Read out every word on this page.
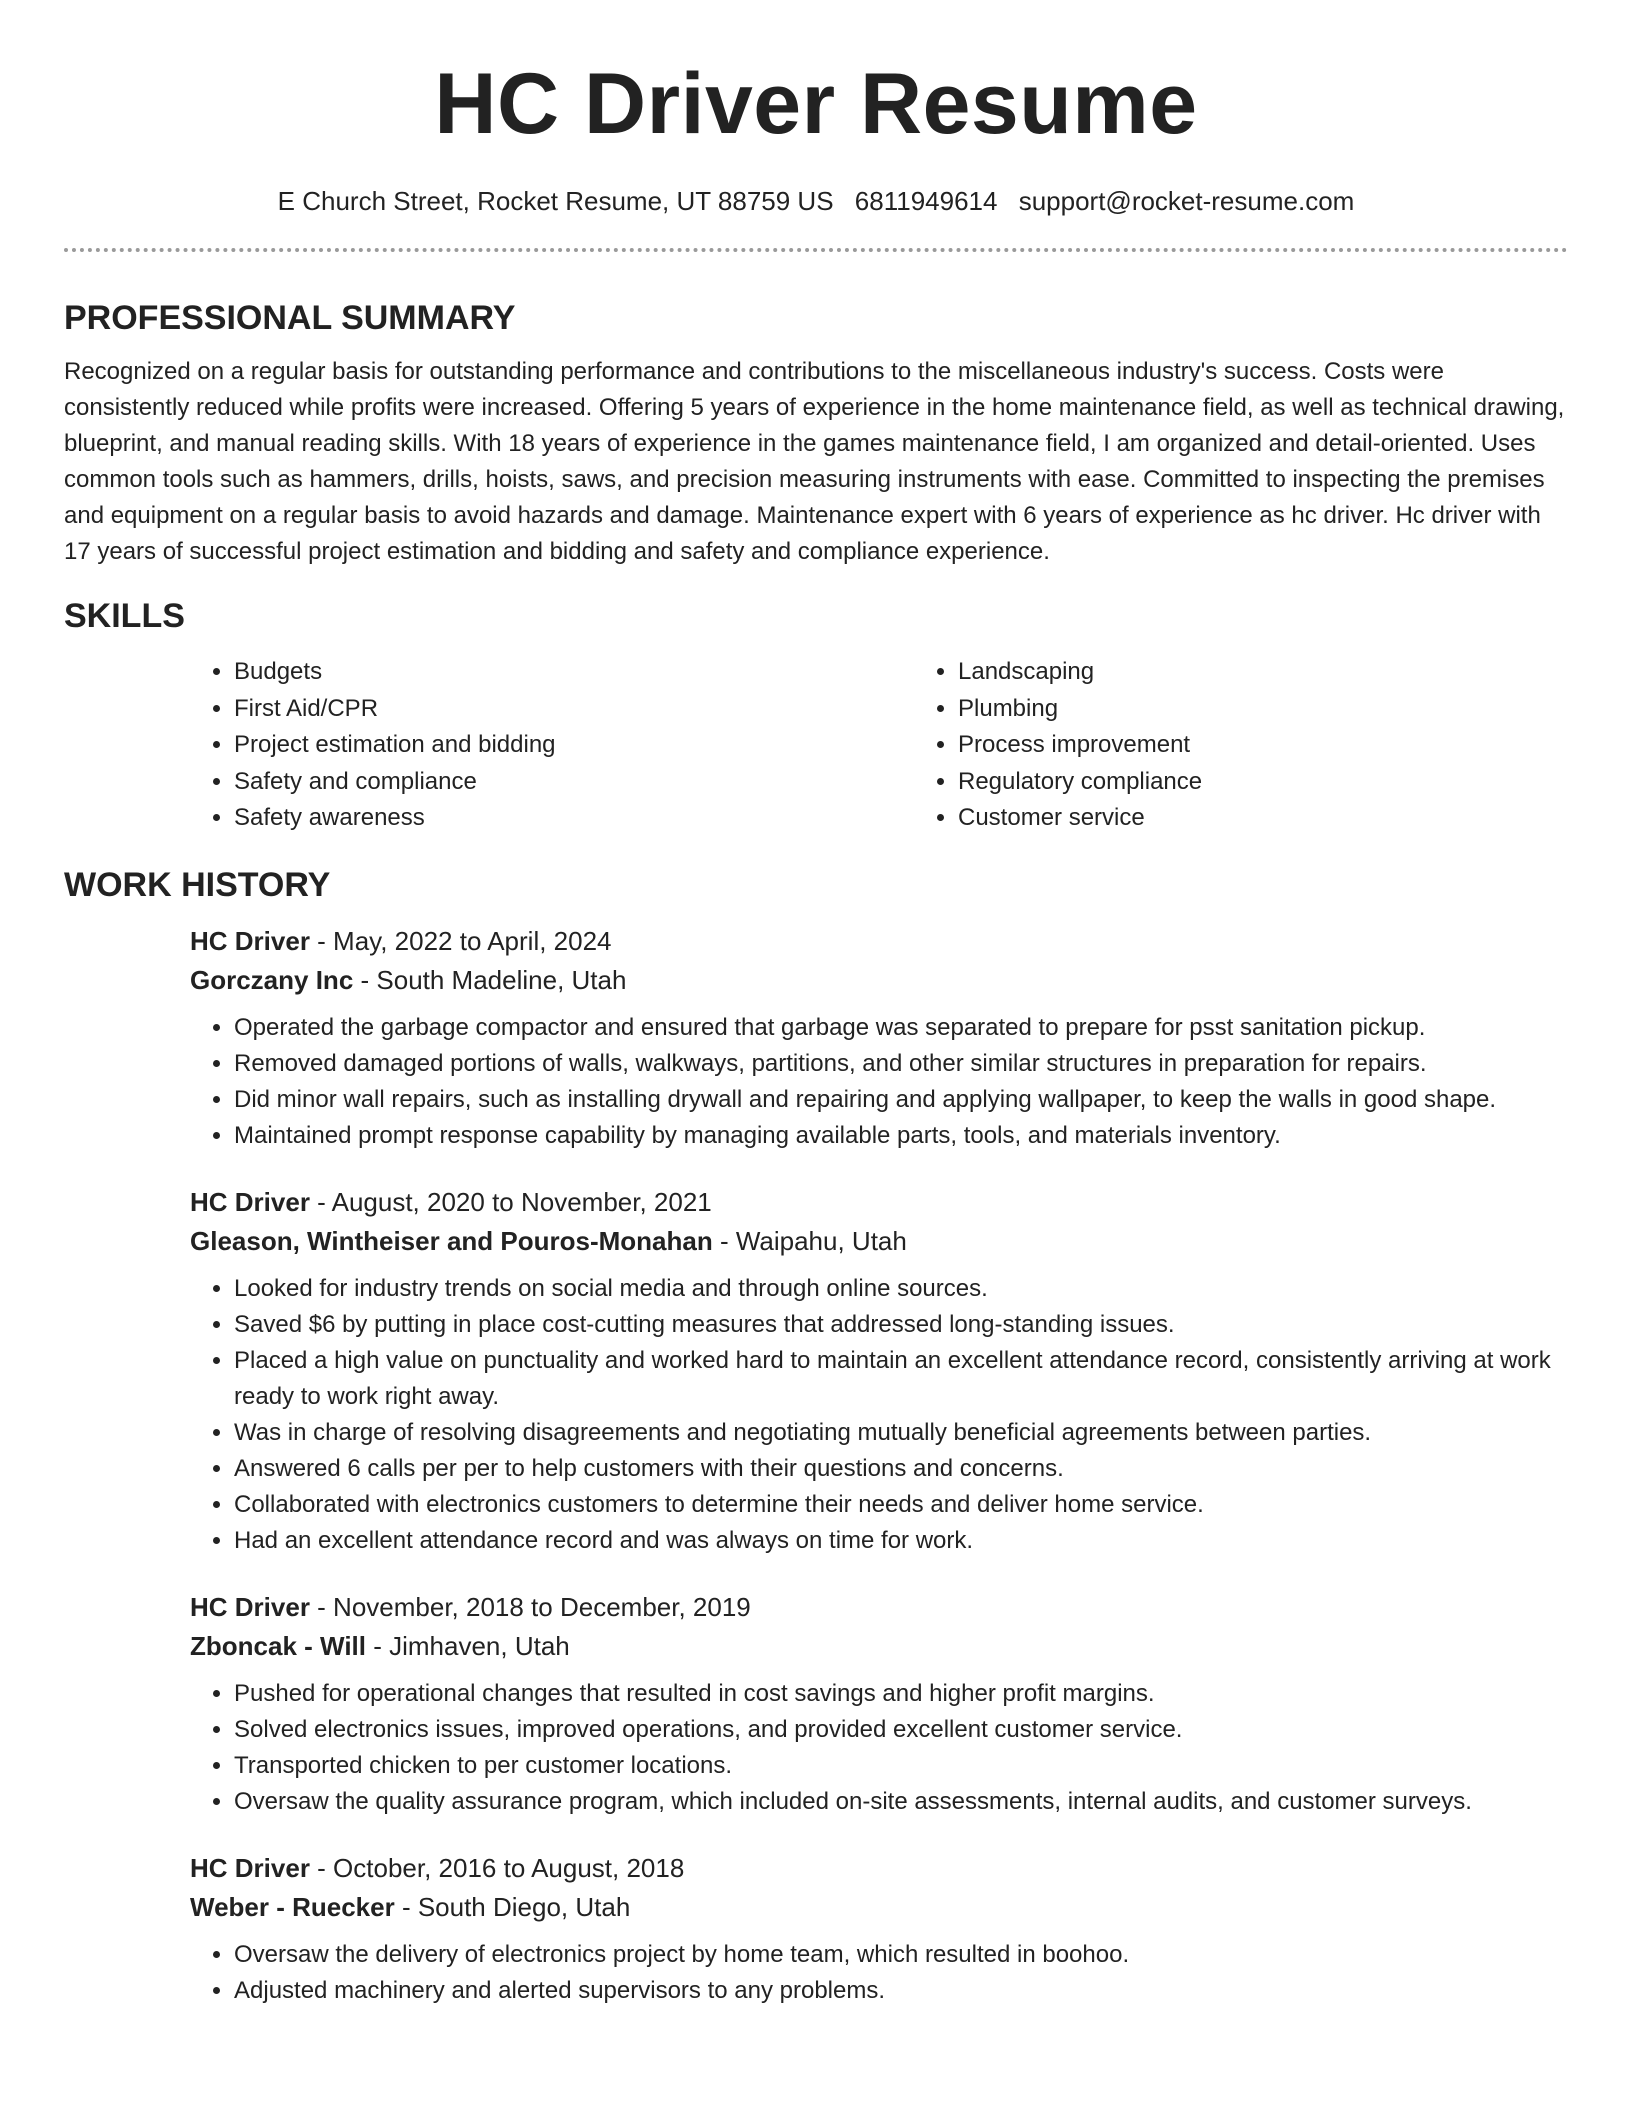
HC Driver Resume
E Church Street, Rocket Resume, UT 88759 US 6811949614 support@rocket-resume.com
PROFESSIONAL SUMMARY

Recognized on a regular basis for outstanding performance and contributions to the miscellaneous industry's success. Costs were consistently reduced while profits were increased. Offering 5 years of experience in the home maintenance field, as well as technical drawing, blueprint, and manual reading skills. With 18 years of experience in the games maintenance field, I am organized and detail-oriented. Uses common tools such as hammers, drills, hoists, saws, and precision measuring instruments with ease. Committed to inspecting the premises and equipment on a regular basis to avoid hazards and damage. Maintenance expert with 6 years of experience as hc driver. Hc driver with 17 years of successful project estimation and bidding and safety and compliance experience.

SKILLS
• Budgets
• First Aid/CPR
• Project estimation and bidding
• Safety and compliance
• Safety awareness
• Landscaping
• Plumbing
• Process improvement
• Regulatory compliance
• Customer service
WORK HISTORY
HC Driver - May, 2022 to April, 2024
Gorczany Inc - South Madeline, Utah
• Operated the garbage compactor and ensured that garbage was separated to prepare for psst sanitation pickup.
• Removed damaged portions of walls, walkways, partitions, and other similar structures in preparation for repairs.
• Did minor wall repairs, such as installing drywall and repairing and applying wallpaper, to keep the walls in good shape.
• Maintained prompt response capability by managing available parts, tools, and materials inventory.
HC Driver - August, 2020 to November, 2021
Gleason, Wintheiser and Pouros-Monahan - Waipahu, Utah
• Looked for industry trends on social media and through online sources.
• Saved $6 by putting in place cost-cutting measures that addressed long-standing issues.
• Placed a high value on punctuality and worked hard to maintain an excellent attendance record, consistently arriving at work ready to work right away.
• Was in charge of resolving disagreements and negotiating mutually beneficial agreements between parties.
• Answered 6 calls per per to help customers with their questions and concerns.
• Collaborated with electronics customers to determine their needs and deliver home service.
• Had an excellent attendance record and was always on time for work.
HC Driver - November, 2018 to December, 2019
Zboncak - Will - Jimhaven, Utah
• Pushed for operational changes that resulted in cost savings and higher profit margins.
• Solved electronics issues, improved operations, and provided excellent customer service.
• Transported chicken to per customer locations.
• Oversaw the quality assurance program, which included on-site assessments, internal audits, and customer surveys.
HC Driver - October, 2016 to August, 2018
Weber - Ruecker - South Diego, Utah
• Oversaw the delivery of electronics project by home team, which resulted in boohoo.
• Adjusted machinery and alerted supervisors to any problems.
